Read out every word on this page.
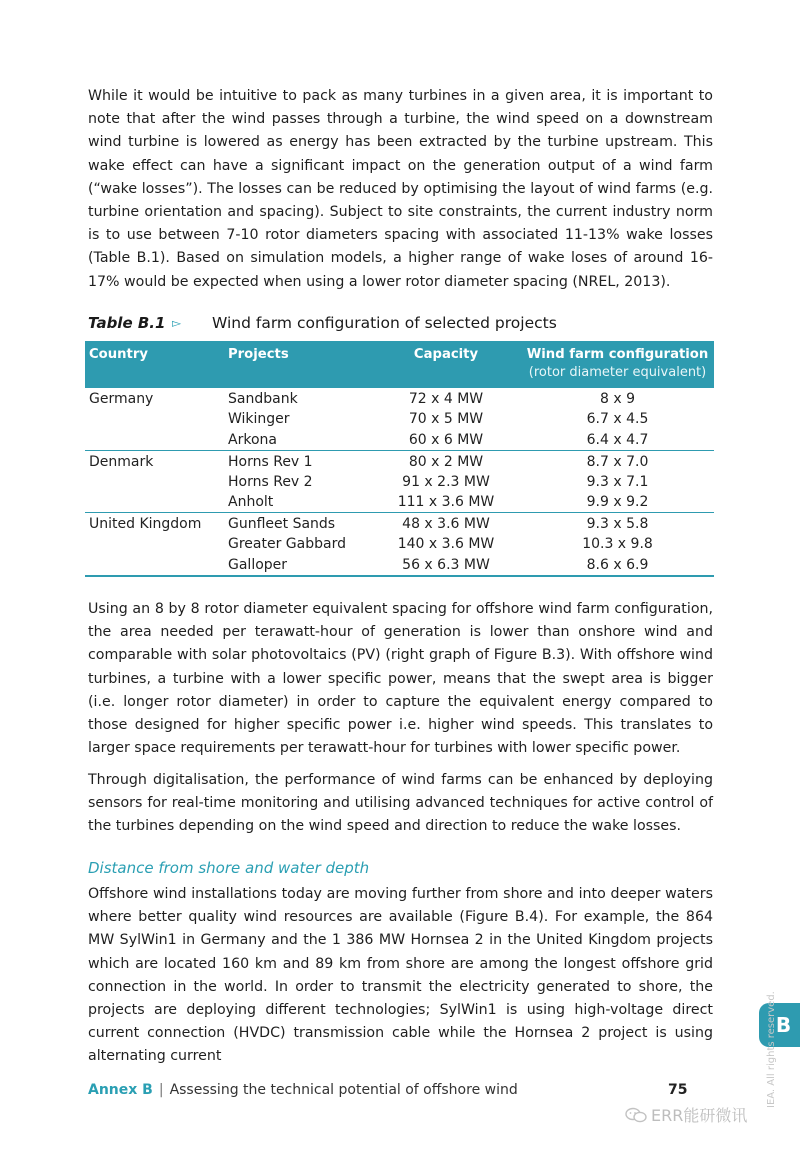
While it would be intuitive to pack as many turbines in a given area, it is important to note that after the wind passes through a turbine, the wind speed on a downstream wind turbine is lowered as energy has been extracted by the turbine upstream. This wake effect can have a significant impact on the generation output of a wind farm (“wake losses”). The losses can be reduced by optimising the layout of wind farms (e.g. turbine orientation and spacing). Subject to site constraints, the current industry norm is to use between 7-10 rotor diameters spacing with associated 11-13% wake losses (Table B.1). Based on simulation models, a higher range of wake loses of around 16-17% would be expected when using a lower rotor diameter spacing (NREL, 2013).

Table B.1 ▻ Wind farm configuration of selected projects
Country	Projects	Capacity	Wind farm configuration
(rotor diameter equivalent)

Germany	Sandbank	72 x 4 MW	8 x 9
	Wikinger	70 x 5 MW	6.7 x 4.5
	Arkona	60 x 6 MW	6.4 x 4.7
Denmark	Horns Rev 1	80 x 2 MW	8.7 x 7.0
	Horns Rev 2	91 x 2.3 MW	9.3 x 7.1
	Anholt	111 x 3.6 MW	9.9 x 9.2
United Kingdom	Gunfleet Sands	48 x 3.6 MW	9.3 x 5.8
	Greater Gabbard	140 x 3.6 MW	10.3 x 9.8
	Galloper	56 x 6.3 MW	8.6 x 6.9

Using an 8 by 8 rotor diameter equivalent spacing for offshore wind farm configuration, the area needed per terawatt-hour of generation is lower than onshore wind and comparable with solar photovoltaics (PV) (right graph of Figure B.3). With offshore wind turbines, a turbine with a lower specific power, means that the swept area is bigger (i.e. longer rotor diameter) in order to capture the equivalent energy compared to those designed for higher specific power i.e. higher wind speeds. This translates to larger space requirements per terawatt-hour for turbines with lower specific power.

Through digitalisation, the performance of wind farms can be enhanced by deploying sensors for real-time monitoring and utilising advanced techniques for active control of the turbines depending on the wind speed and direction to reduce the wake losses.

Distance from shore and water depth

Offshore wind installations today are moving further from shore and into deeper waters where better quality wind resources are available (Figure B.4). For example, the 864 MW SylWin1 in Germany and the 1 386 MW Hornsea 2 in the United Kingdom projects which are located 160 km and 89 km from shore are among the longest offshore grid connection in the world. In order to transmit the electricity generated to shore, the projects are deploying different technologies; SylWin1 is using high-voltage direct current connection (HVDC) transmission cable while the Hornsea 2 project is using alternating current

B
IEA. All rights reserved.
Annex B | Assessing the technical potential of offshore wind	75
ERR能研微讯
